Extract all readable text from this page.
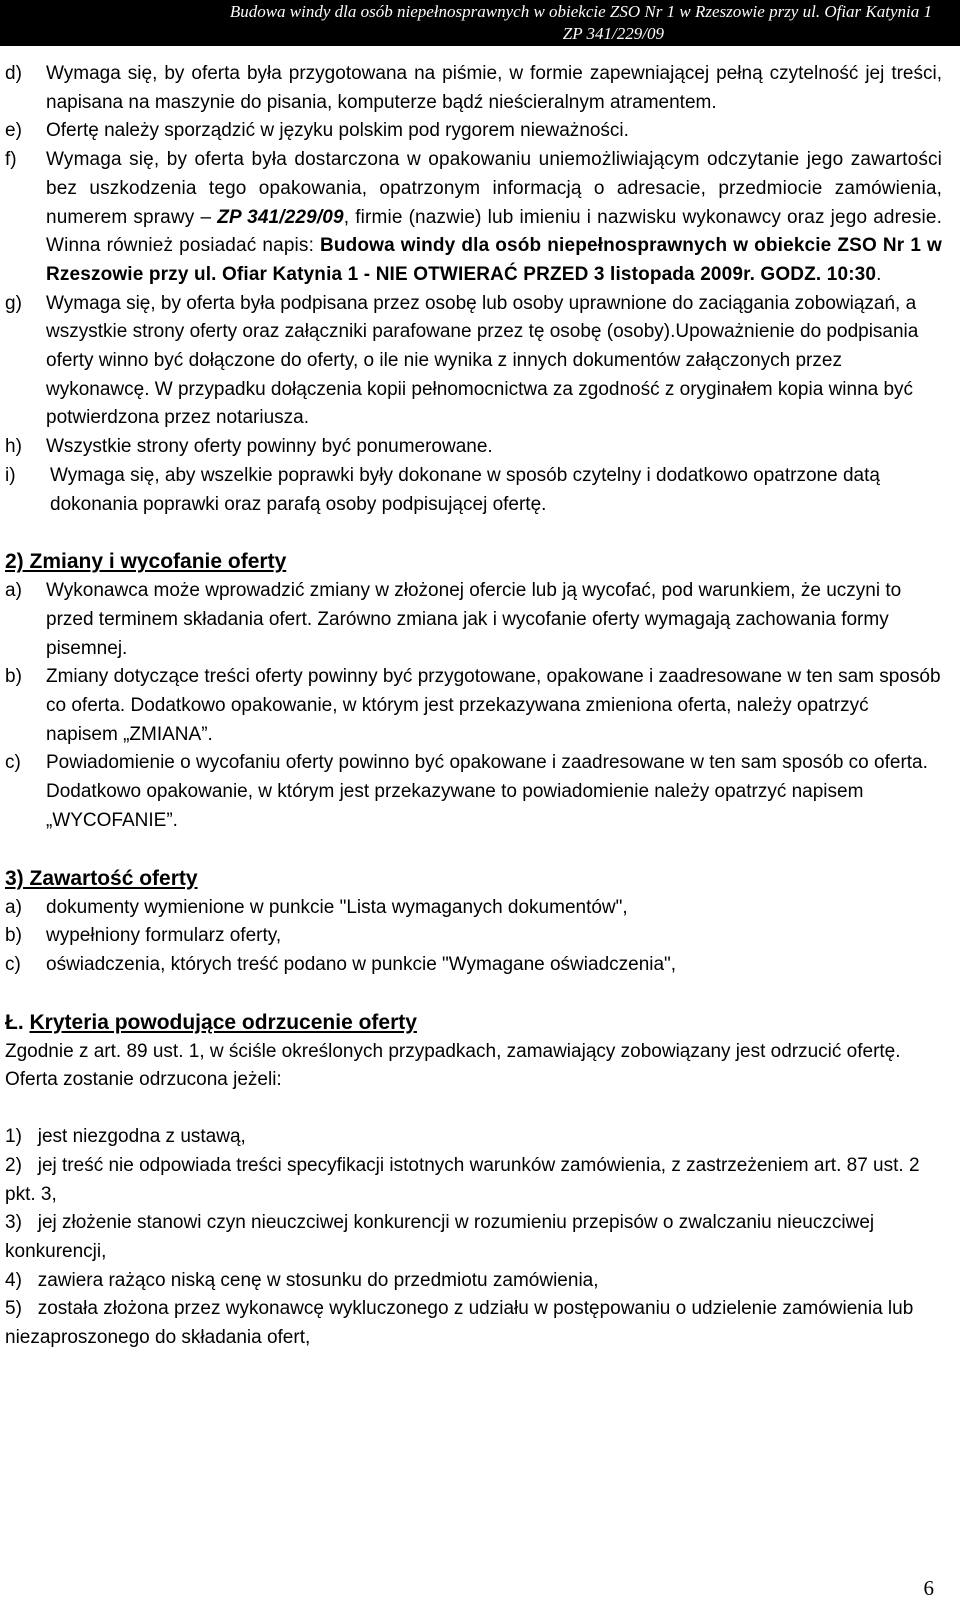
Budowa windy dla osób niepełnosprawnych w obiekcie ZSO Nr 1 w Rzeszowie przy ul. Ofiar Katynia 1
ZP 341/229/09
d)	Wymaga się, by oferta była przygotowana na piśmie, w formie zapewniającej pełną czytelność jej treści, napisana na maszynie do pisania, komputerze bądź nieścieralnym atramentem.
e)	Ofertę należy sporządzić w języku polskim pod rygorem nieważności.
f)	Wymaga się, by oferta była dostarczona w opakowaniu uniemożliwiającym odczytanie jego zawartości bez uszkodzenia tego opakowania, opatrzonym informacją o adresacie, przedmiocie zamówienia, numerem sprawy – ZP 341/229/09, firmie (nazwie) lub imieniu i nazwisku wykonawcy oraz jego adresie. Winna również posiadać napis: Budowa windy dla osób niepełnosprawnych w obiekcie ZSO Nr 1 w Rzeszowie przy ul. Ofiar Katynia 1 - NIE OTWIERAĆ PRZED 3 listopada 2009r. GODZ. 10:30.
g)	Wymaga się, by oferta była podpisana przez osobę lub osoby uprawnione do zaciągania zobowiązań, a wszystkie strony oferty oraz załączniki parafowane przez tę osobę (osoby).Upoważnienie do podpisania oferty winno być dołączone do oferty, o ile nie wynika z innych dokumentów załączonych przez wykonawcę. W przypadku dołączenia kopii pełnomocnictwa za zgodność z oryginałem kopia winna być potwierdzona przez notariusza.
h)	Wszystkie strony oferty powinny być ponumerowane.
i)	Wymaga się, aby wszelkie poprawki były dokonane w sposób czytelny i dodatkowo opatrzone datą dokonania poprawki oraz parafą osoby podpisującej ofertę.
2) Zmiany i wycofanie oferty
a)	Wykonawca może wprowadzić zmiany w złożonej ofercie lub ją wycofać, pod warunkiem, że uczyni to przed terminem składania ofert. Zarówno zmiana jak i wycofanie oferty wymagają zachowania formy pisemnej.
b)	Zmiany dotyczące treści oferty powinny być przygotowane, opakowane i zaadresowane w ten sam sposób co oferta. Dodatkowo opakowanie, w którym jest przekazywana zmieniona oferta, należy opatrzyć napisem „ZMIANA”.
c)	Powiadomienie o wycofaniu oferty powinno być opakowane i zaadresowane w ten sam sposób co oferta. Dodatkowo opakowanie, w którym jest przekazywane to powiadomienie należy opatrzyć napisem „WYCOFANIE”.
3) Zawartość oferty
a)	dokumenty wymienione w punkcie "Lista wymaganych dokumentów",
b)	wypełniony formularz oferty,
c)	oświadczenia, których treść podano w punkcie "Wymagane oświadczenia",
Ł. Kryteria powodujące odrzucenie oferty
Zgodnie z art. 89 ust. 1, w ściśle określonych przypadkach, zamawiający zobowiązany jest odrzucić ofertę. Oferta zostanie odrzucona jeżeli:
1)   jest niezgodna z ustawą,
2)   jej treść nie odpowiada treści specyfikacji istotnych warunków zamówienia, z zastrzeżeniem art. 87 ust. 2 pkt. 3,
3)   jej złożenie stanowi czyn nieuczciwej konkurencji w rozumieniu przepisów o zwalczaniu nieuczciwej konkurencji,
4)   zawiera rażąco niską cenę w stosunku do przedmiotu zamówienia,
5)   została złożona przez wykonawcę wykluczonego z udziału w postępowaniu o udzielenie zamówienia lub niezaproszonego do składania ofert,
6
